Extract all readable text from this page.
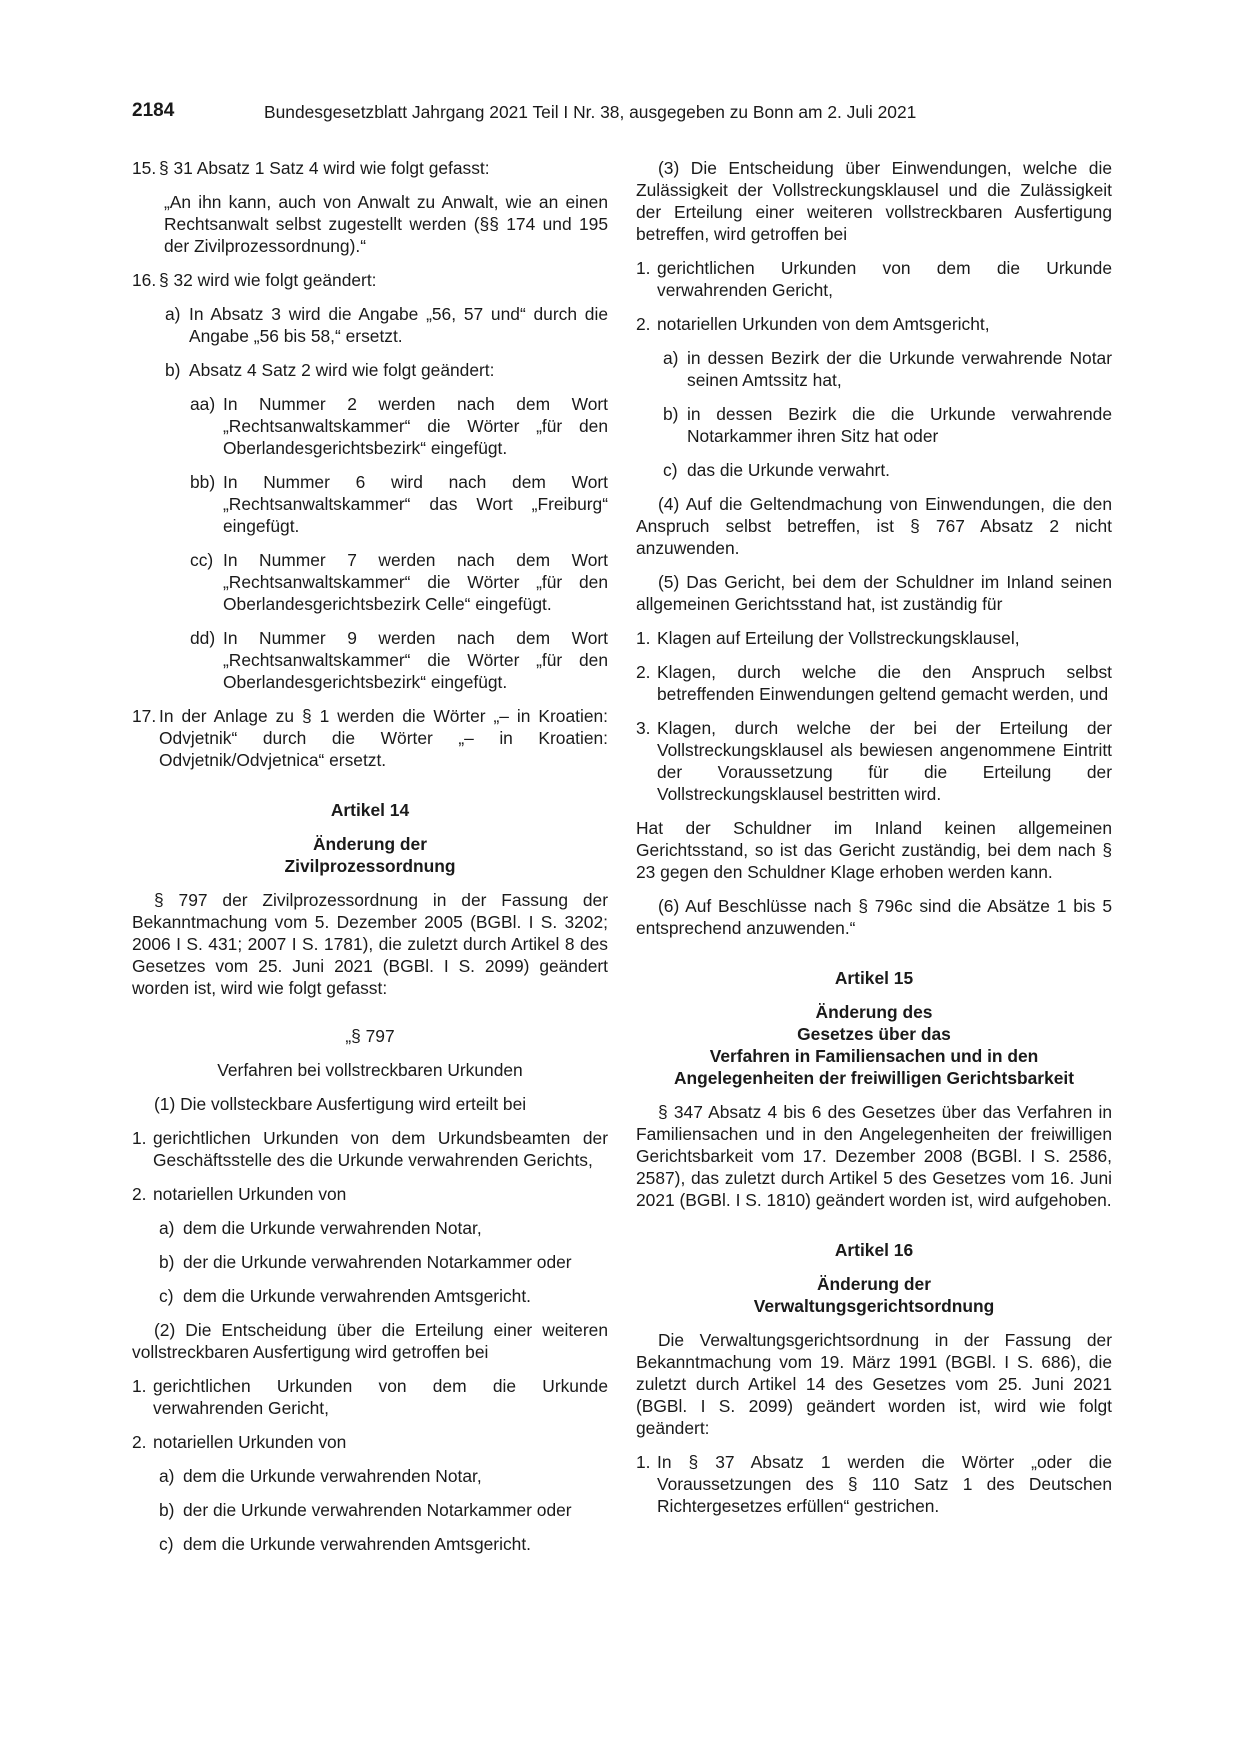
2184	Bundesgesetzblatt Jahrgang 2021 Teil I Nr. 38, ausgegeben zu Bonn am 2. Juli 2021
15. § 31 Absatz 1 Satz 4 wird wie folgt gefasst:

„An ihn kann, auch von Anwalt zu Anwalt, wie an einen Rechtsanwalt selbst zugestellt werden (§§ 174 und 195 der Zivilprozessordnung).“

16. § 32 wird wie folgt geändert:
a) In Absatz 3 wird die Angabe „56, 57 und“ durch die Angabe „56 bis 58,“ ersetzt.
b) Absatz 4 Satz 2 wird wie folgt geändert:
aa) In Nummer 2 werden nach dem Wort „Rechtsanwaltskammer“ die Wörter „für den Oberlandesgerichtsbezirk“ eingefügt.
bb) In Nummer 6 wird nach dem Wort „Rechtsanwaltskammer“ das Wort „Freiburg“ eingefügt.
cc) In Nummer 7 werden nach dem Wort „Rechtsanwaltskammer“ die Wörter „für den Oberlandesgerichtsbezirk Celle“ eingefügt.
dd) In Nummer 9 werden nach dem Wort „Rechtsanwaltskammer“ die Wörter „für den Oberlandesgerichtsbezirk“ eingefügt.
17. In der Anlage zu § 1 werden die Wörter „– in Kroatien: Odvjetnik“ durch die Wörter „– in Kroatien: Odvjetnik/Odvjetnica“ ersetzt.
Artikel 14
Änderung der
Zivilprozessordnung

§ 797 der Zivilprozessordnung in der Fassung der Bekanntmachung vom 5. Dezember 2005 (BGBl. I S. 3202; 2006 I S. 431; 2007 I S. 1781), die zuletzt durch Artikel 8 des Gesetzes vom 25. Juni 2021 (BGBl. I S. 2099) geändert worden ist, wird wie folgt gefasst:

„§ 797
Verfahren bei vollstreckbaren Urkunden

(1) Die vollsteckbare Ausfertigung wird erteilt bei

1. gerichtlichen Urkunden von dem Urkundsbeamten der Geschäftsstelle des die Urkunde verwahrenden Gerichts,
2. notariellen Urkunden von
a) dem die Urkunde verwahrenden Notar,
b) der die Urkunde verwahrenden Notarkammer oder
c) dem die Urkunde verwahrenden Amtsgericht.

(2) Die Entscheidung über die Erteilung einer weiteren vollstreckbaren Ausfertigung wird getroffen bei

1. gerichtlichen Urkunden von dem die Urkunde verwahrenden Gericht,
2. notariellen Urkunden von
a) dem die Urkunde verwahrenden Notar,
b) der die Urkunde verwahrenden Notarkammer oder
c) dem die Urkunde verwahrenden Amtsgericht.

(3) Die Entscheidung über Einwendungen, welche die Zulässigkeit der Vollstreckungsklausel und die Zulässigkeit der Erteilung einer weiteren vollstreckbaren Ausfertigung betreffen, wird getroffen bei

1. gerichtlichen Urkunden von dem die Urkunde verwahrenden Gericht,
2. notariellen Urkunden von dem Amtsgericht,
a) in dessen Bezirk der die Urkunde verwahrende Notar seinen Amtssitz hat,
b) in dessen Bezirk die die Urkunde verwahrende Notarkammer ihren Sitz hat oder
c) das die Urkunde verwahrt.

(4) Auf die Geltendmachung von Einwendungen, die den Anspruch selbst betreffen, ist § 767 Absatz 2 nicht anzuwenden.

(5) Das Gericht, bei dem der Schuldner im Inland seinen allgemeinen Gerichtsstand hat, ist zuständig für

1. Klagen auf Erteilung der Vollstreckungsklausel,
2. Klagen, durch welche die den Anspruch selbst betreffenden Einwendungen geltend gemacht werden, und
3. Klagen, durch welche der bei der Erteilung der Vollstreckungsklausel als bewiesen angenommene Eintritt der Voraussetzung für die Erteilung der Vollstreckungsklausel bestritten wird.

Hat der Schuldner im Inland keinen allgemeinen Gerichtsstand, so ist das Gericht zuständig, bei dem nach § 23 gegen den Schuldner Klage erhoben werden kann.

(6) Auf Beschlüsse nach § 796c sind die Absätze 1 bis 5 entsprechend anzuwenden.“

Artikel 15
Änderung des
Gesetzes über das
Verfahren in Familiensachen und in den
Angelegenheiten der freiwilligen Gerichtsbarkeit

§ 347 Absatz 4 bis 6 des Gesetzes über das Verfahren in Familiensachen und in den Angelegenheiten der freiwilligen Gerichtsbarkeit vom 17. Dezember 2008 (BGBl. I S. 2586, 2587), das zuletzt durch Artikel 5 des Gesetzes vom 16. Juni 2021 (BGBl. I S. 1810) geändert worden ist, wird aufgehoben.

Artikel 16
Änderung der
Verwaltungsgerichtsordnung

Die Verwaltungsgerichtsordnung in der Fassung der Bekanntmachung vom 19. März 1991 (BGBl. I S. 686), die zuletzt durch Artikel 14 des Gesetzes vom 25. Juni 2021 (BGBl. I S. 2099) geändert worden ist, wird wie folgt geändert:

1. In § 37 Absatz 1 werden die Wörter „oder die Voraussetzungen des § 110 Satz 1 des Deutschen Richtergesetzes erfüllen“ gestrichen.
